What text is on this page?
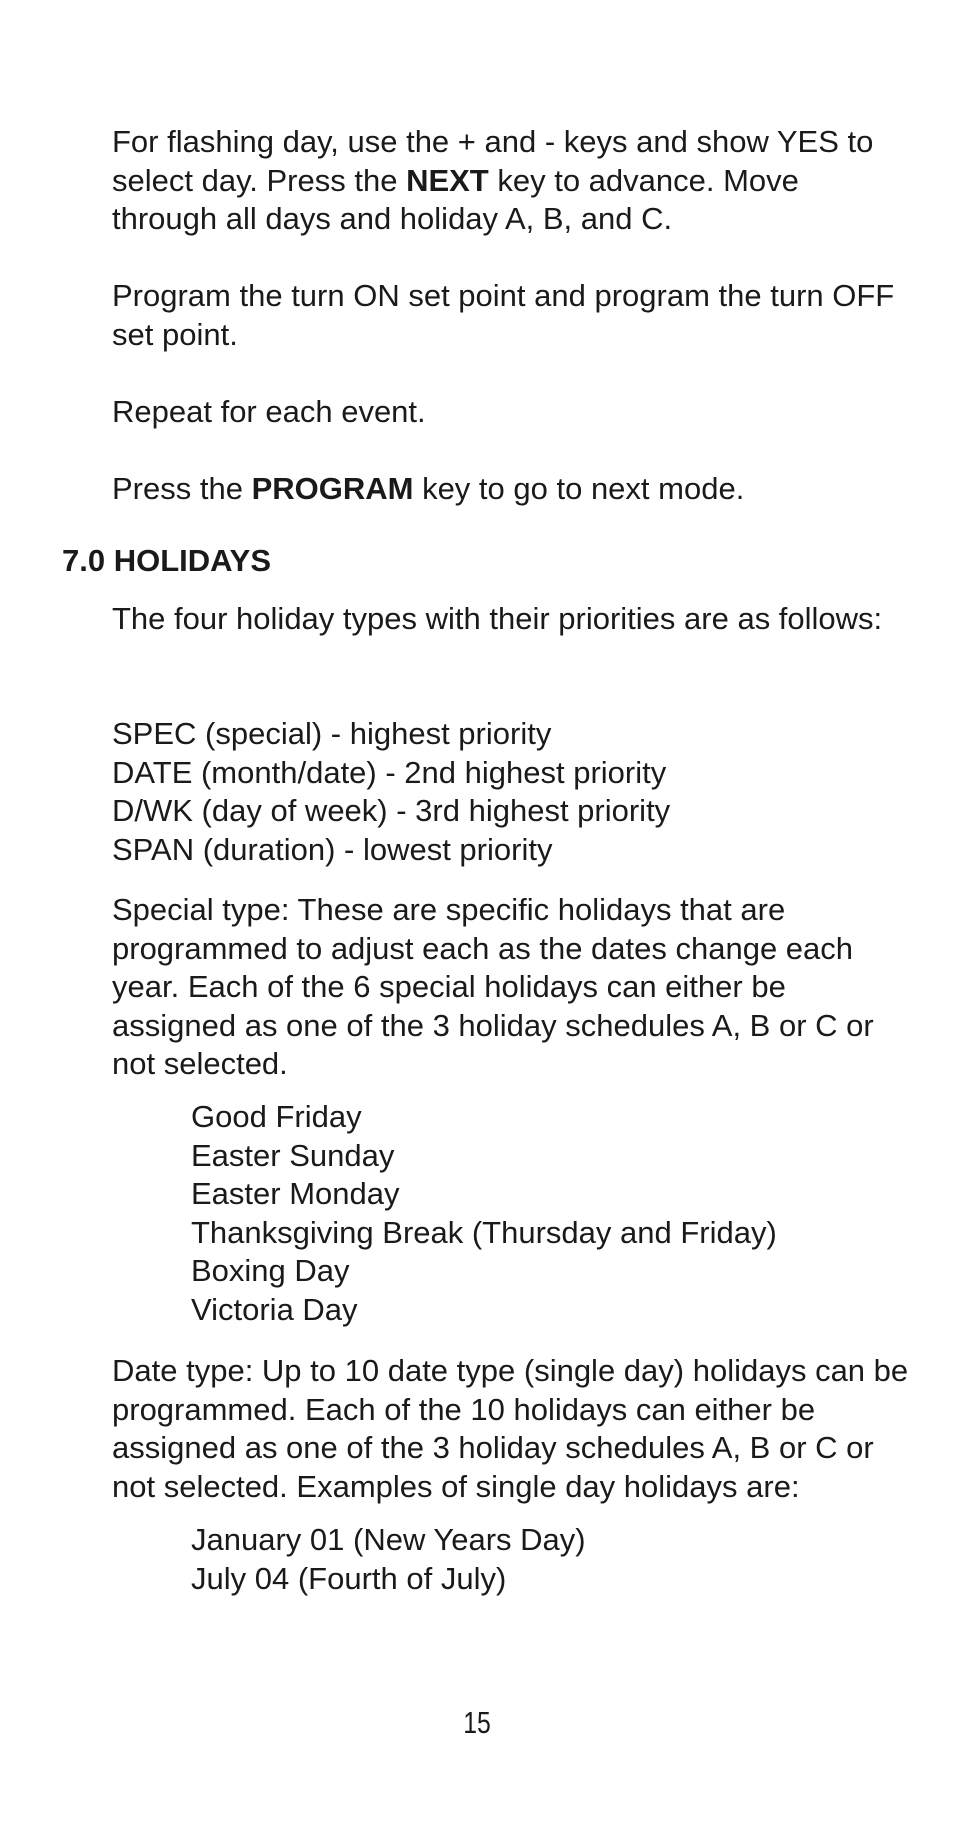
For flashing day, use the + and - keys and show YES to select day. Press the NEXT key to advance. Move through all days and holiday A, B, and C.

Program the turn ON set point and program the turn OFF set point.

Repeat for each event.

Press the PROGRAM key to go to next mode.

7.0 HOLIDAYS

The four holiday types with their priorities are as follows:

SPEC (special) - highest priority
DATE (month/date) - 2nd highest priority
D/WK (day of week) - 3rd highest priority
SPAN (duration) - lowest priority

Special type: These are specific holidays that are programmed to adjust each as the dates change each year. Each of the 6 special holidays can either be assigned as one of the 3 holiday schedules A, B or C or not selected.

Good Friday
Easter Sunday
Easter Monday
Thanksgiving Break (Thursday and Friday)
Boxing Day
Victoria Day

Date type: Up to 10 date type (single day) holidays can be programmed. Each of the 10 holidays can either be assigned as one of the 3 holiday schedules A, B or C or not selected. Examples of single day holidays are:

January 01 (New Years Day)
July 04 (Fourth of July)
15
